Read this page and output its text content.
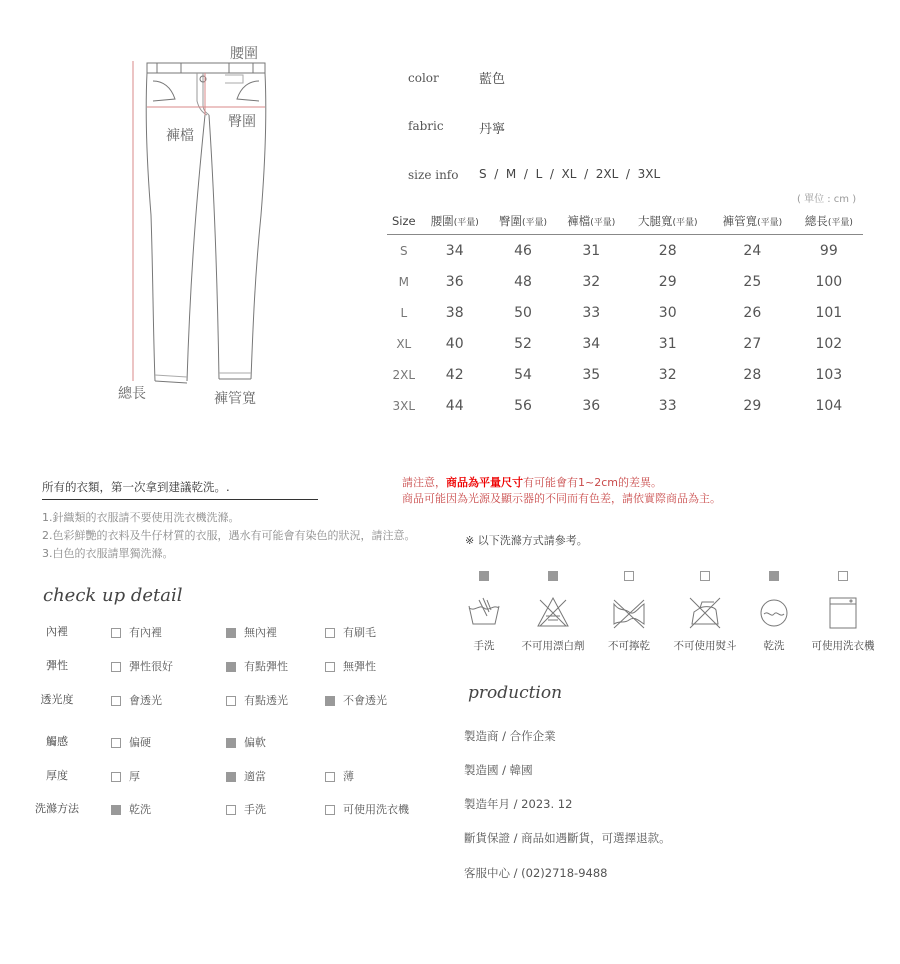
腰圍
臀圍
褲檔
總長	褲管寬
color	藍色
fabric	丹寧
size info S  /  M  /  L  /  XL  /  2XL  /  3XL
( 單位 : cm )
Size	腰圍(平量)	臀圍(平量)	褲檔(平量)	大腿寬(平量)	褲管寬(平量)	總長(平量)
S	34	46	31	28	24	99
M	36	48	32	29	25	100
L	38	50	33	30	26	101
XL	40	52	34	31	27	102
2XL	42	54	35	32	28	103
3XL	44	56	36	33	29	104
所有的衣類，第一次拿到建議乾洗。.
1.針織類的衣服請不要使用洗衣機洗滌。
2.色彩鮮艷的衣料及牛仔材質的衣服，遇水有可能會有染色的狀況，請注意。
3.白色的衣服請單獨洗滌。
請注意，商品為平量尺寸有可能會有1~2cm的差異。
商品可能因為光源及顯示器的不同而有色差，請依實際商品為主。
check up detail
內裡	有內裡	無內裡	有刷毛
彈性	彈性很好	有點彈性	無彈性
透光度	會透光	有點透光	不會透光
觸感	偏硬	偏軟
厚度	厚	適當	薄
洗滌方法	乾洗	手洗	可使用洗衣機
※ 以下洗滌方式請參考。
手洗	不可用漂白劑	不可擰乾	不可使用熨斗	乾洗	可使用洗衣機
production
製造商 / 合作企業
製造國 / 韓國
製造年月 / 2023. 12
斷貨保證 / 商品如遇斷貨，可選擇退款。
客服中心 / (02)2718-9488
